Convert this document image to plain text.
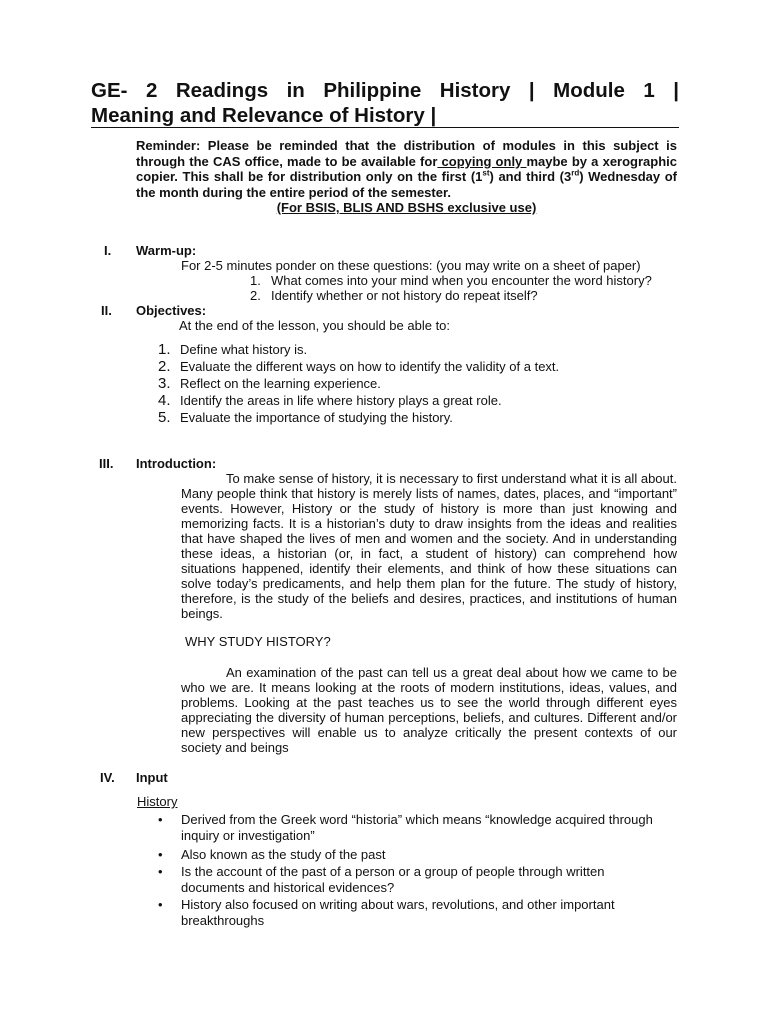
GE- 2 Readings in Philippine History | Module 1 |
Meaning and Relevance of History |
Reminder: Please be reminded that the distribution of modules in this subject is through the CAS office, made to be available for copying only maybe by a xerographic copier. This shall be for distribution only on the first (1st) and third (3rd) Wednesday of the month during the entire period of the semester.
(For BSIS, BLIS AND BSHS exclusive use)
I. Warm-up:
For 2-5 minutes ponder on these questions: (you may write on a sheet of paper)
1. What comes into your mind when you encounter the word history?
2. Identify whether or not history do repeat itself?
II. Objectives:
At the end of the lesson, you should be able to:
1. Define what history is.
2. Evaluate the different ways on how to identify the validity of a text.
3. Reflect on the learning experience.
4. Identify the areas in life where history plays a great role.
5. Evaluate the importance of studying the history.
III. Introduction:
To make sense of history, it is necessary to first understand what it is all about. Many people think that history is merely lists of names, dates, places, and “important” events. However, History or the study of history is more than just knowing and memorizing facts. It is a historian’s duty to draw insights from the ideas and realities that have shaped the lives of men and women and the society. And in understanding these ideas, a historian (or, in fact, a student of history) can comprehend how situations happened, identify their elements, and think of how these situations can solve today’s predicaments, and help them plan for the future. The study of history, therefore, is the study of the beliefs and desires, practices, and institutions of human beings.
WHY STUDY HISTORY?
An examination of the past can tell us a great deal about how we came to be who we are. It means looking at the roots of modern institutions, ideas, values, and problems. Looking at the past teaches us to see the world through different eyes appreciating the diversity of human perceptions, beliefs, and cultures. Different and/or new perspectives will enable us to analyze critically the present contexts of our society and beings
IV. Input
History
• Derived from the Greek word “historia” which means “knowledge acquired through inquiry or investigation”
• Also known as the study of the past
• Is the account of the past of a person or a group of people through written documents and historical evidences?
• History also focused on writing about wars, revolutions, and other important breakthroughs
